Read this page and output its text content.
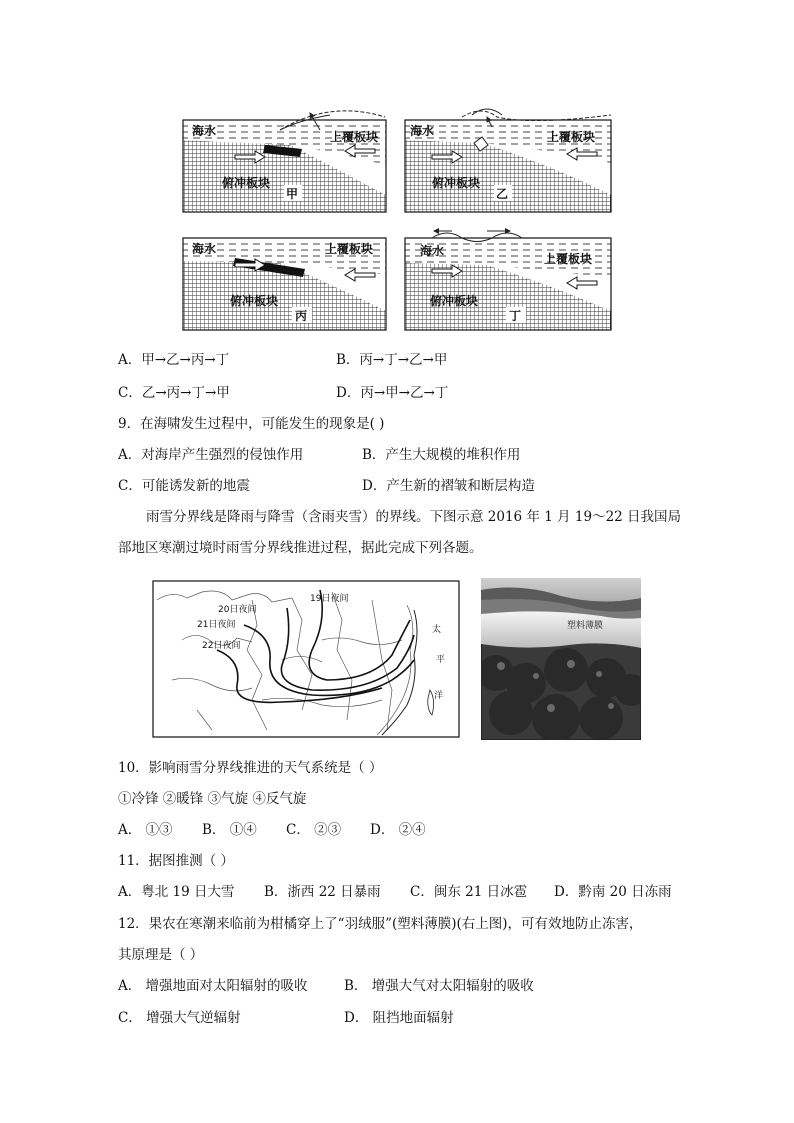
海水	上覆板块
俯冲板块
甲
海水	上覆板块
俯冲板块
乙
海水	上覆板块
俯冲板块
丙
海水
上覆板块
俯冲板块
丁
A．甲→乙→丙→丁	B．丙→丁→乙→甲
C．乙→丙→丁→甲	D．丙→甲→乙→丁
9．在海啸发生过程中，可能发生的现象是( )
A．对海岸产生强烈的侵蚀作用	B．产生大规模的堆积作用
C．可能诱发新的地震	D．产生新的褶皱和断层构造
雨雪分界线是降雨与降雪（含雨夹雪）的界线。下图示意 2016 年 1 月 19～22 日我国局
部地区寒潮过境时雨雪分界线推进过程，据此完成下列各题。
19日夜间
20日夜间
21日夜间
22日夜间
太
平
洋
塑料薄膜
10．影响雨雪分界线推进的天气系统是（ ）
①冷锋 ②暖锋 ③气旋 ④反气旋
A． ①③ B． ①④ C． ②③ D． ②④
11．据图推测（ ）
A．粤北 19 日大雪 B．浙西 22 日暴雨 C．闽东 21 日冰雹 D．黔南 20 日冻雨
12．果农在寒潮来临前为柑橘穿上了“羽绒服”(塑料薄膜)(右上图)，可有效地防止冻害，
其原理是（ ）
A． 增强地面对太阳辐射的吸收	B． 增强大气对太阳辐射的吸收
C． 增强大气逆辐射	D． 阻挡地面辐射
